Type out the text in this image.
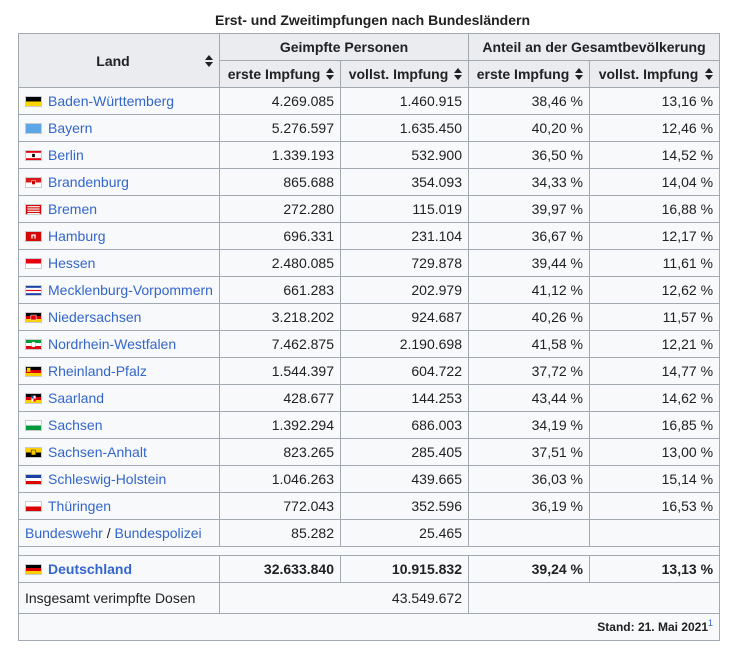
Erst- und Zweitimpfungen nach Bundesländern
Land	Geimpfte Personen		Anteil an der Gesamtbevölkerung	
	erste Impfung	vollst. Impfung	erste Impfung	vollst. Impfung

Baden-Württemberg	4.269.085	1.460.915	38,46 %	13,16 %

Bayern	5.276.597	1.635.450	40,20 %	12,46 %

Berlin	1.339.193	532.900	36,50 %	14,52 %

Brandenburg	865.688	354.093	34,33 %	14,04 %

Bremen	272.280	115.019	39,97 %	16,88 %

Hamburg	696.331	231.104	36,67 %	12,17 %

Hessen	2.480.085	729.878	39,44 %	11,61 %

Mecklenburg-Vorpommern	661.283	202.979	41,12 %	12,62 %

Niedersachsen	3.218.202	924.687	40,26 %	11,57 %

Nordrhein-Westfalen	7.462.875	2.190.698	41,58 %	12,21 %

Rheinland-Pfalz	1.544.397	604.722	37,72 %	14,77 %

Saarland	428.677	144.253	43,44 %	14,62 %

Sachsen	1.392.294	686.003	34,19 %	16,85 %

Sachsen-Anhalt	823.265	285.405	37,51 %	13,00 %

Schleswig-Holstein	1.046.263	439.665	36,03 %	15,14 %

Thüringen	772.043	352.596	36,19 %	16,53 %
Bundeswehr / Bundespolizei	85.282	25.465		

Deutschland	32.633.840	10.915.832	39,24 %	13,13 %
Insgesamt verimpfte Dosen	43.549.672			
Stand: 21. Mai 2021$^1$
